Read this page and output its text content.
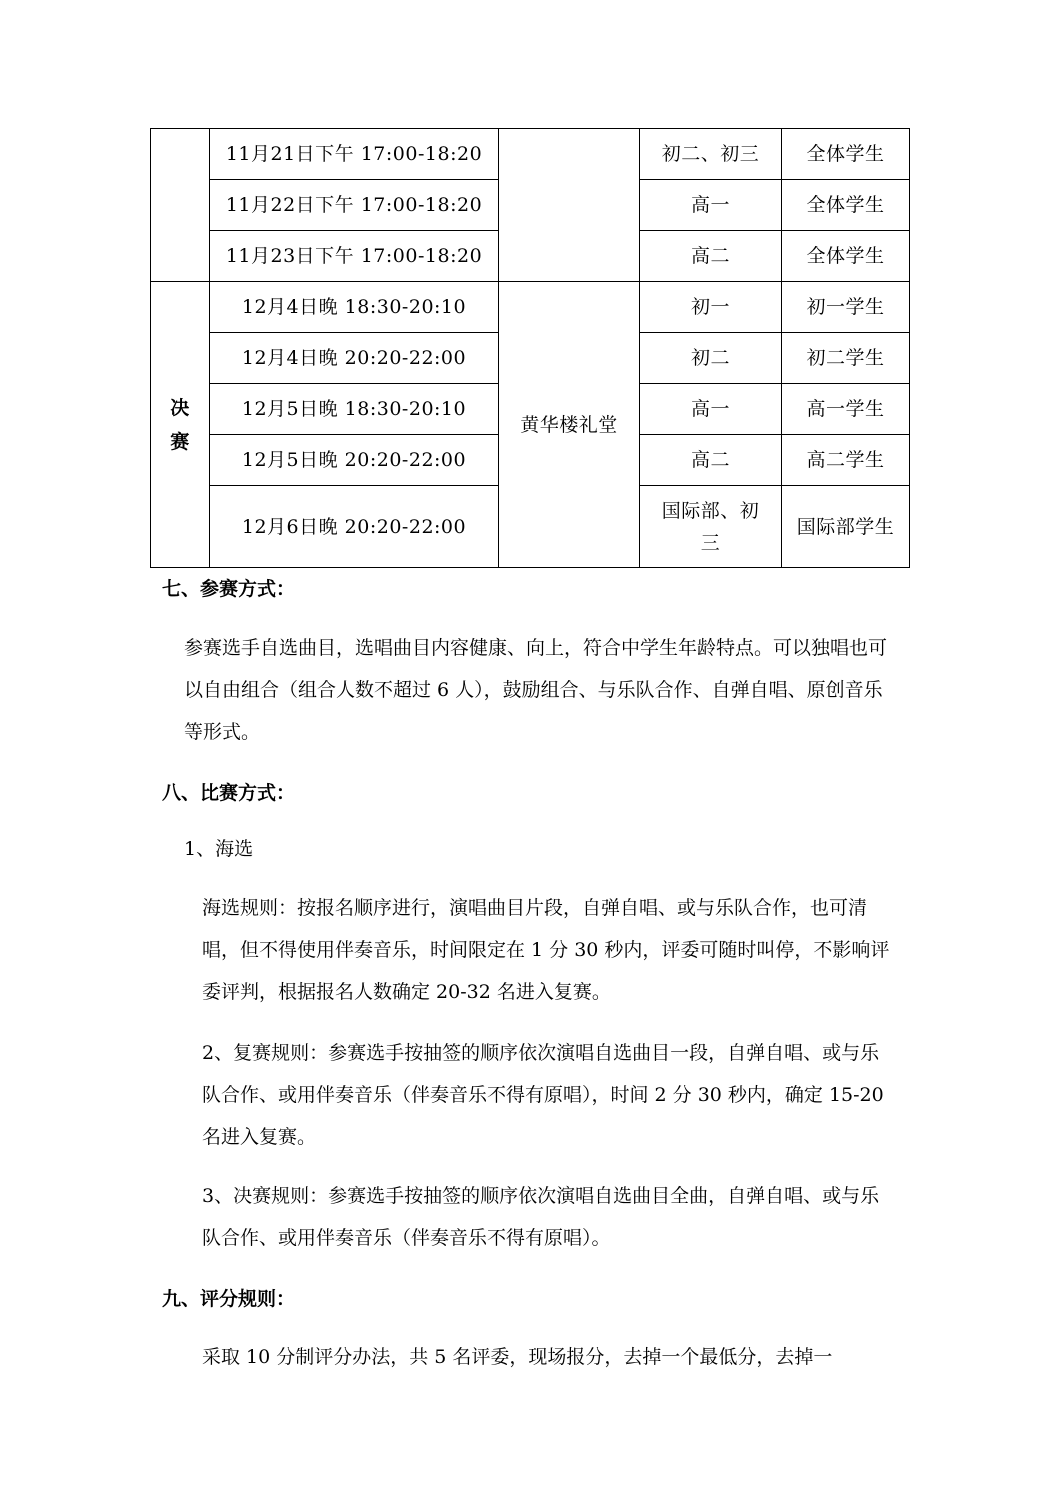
	11月21日下午 17:00-18:20		初二、初三	全体学生
	11月22日下午 17:00-18:20		高一	全体学生
	11月23日下午 17:00-18:20		高二	全体学生

决赛	12月4日晚 18:30-20:10	黄华楼礼堂	初一	初一学生
	12月4日晚 20:20-22:00		初二	初二学生
	12月5日晚 18:30-20:10		高一	高一学生
	12月5日晚 20:20-22:00		高二	高二学生
	12月6日晚 20:20-22:00		国际部、初三	国际部学生
七、参赛方式：

参赛选手自选曲目，选唱曲目内容健康、向上，符合中学生年龄特点。可以独唱也可以自由组合（组合人数不超过 6 人），鼓励组合、与乐队合作、自弹自唱、原创音乐等形式。

八、比赛方式：

1、海选

海选规则：按报名顺序进行，演唱曲目片段，自弹自唱、或与乐队合作，也可清唱，但不得使用伴奏音乐，时间限定在 1 分 30 秒内，评委可随时叫停，不影响评委评判，根据报名人数确定 20-32 名进入复赛。

2、复赛规则：参赛选手按抽签的顺序依次演唱自选曲目一段，自弹自唱、或与乐队合作、或用伴奏音乐（伴奏音乐不得有原唱），时间 2 分 30 秒内，确定 15-20 名进入复赛。

3、决赛规则：参赛选手按抽签的顺序依次演唱自选曲目全曲，自弹自唱、或与乐队合作、或用伴奏音乐（伴奏音乐不得有原唱）。

九、评分规则：

采取 10 分制评分办法，共 5 名评委，现场报分，去掉一个最低分，去掉一
